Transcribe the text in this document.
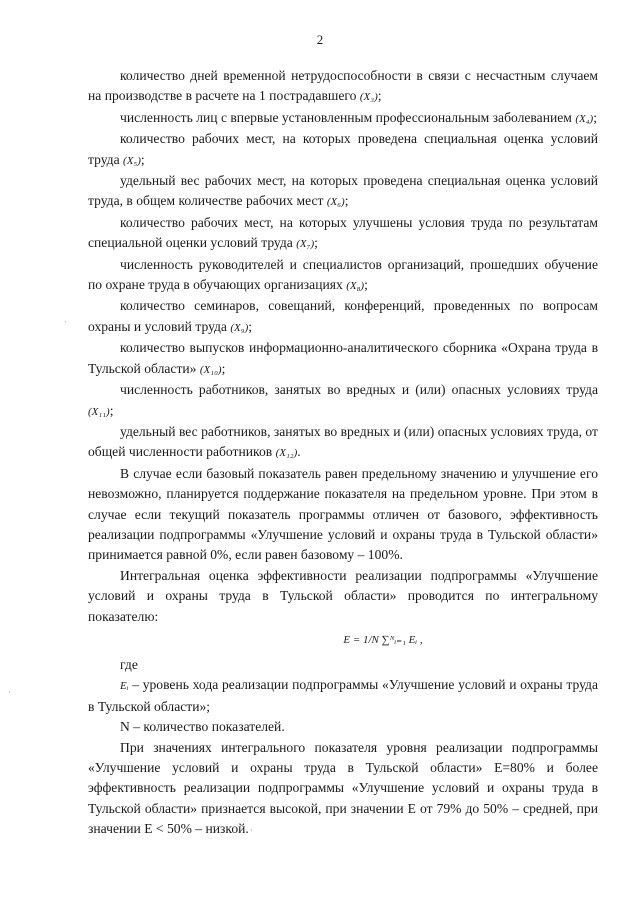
2

количество дней временной нетрудоспособности в связи с несчастным случаем на производстве в расчете на 1 пострадавшего (X₃);

численность лиц с впервые установленным профессиональным заболеванием (X₄);

количество рабочих мест, на которых проведена специальная оценка условий труда (X₅);

удельный вес рабочих мест, на которых проведена специальная оценка условий труда, в общем количестве рабочих мест (X₆);

количество рабочих мест, на которых улучшены условия труда по результатам специальной оценки условий труда (X₇);

численность руководителей и специалистов организаций, прошедших обучение по охране труда в обучающих организациях (X₈);

количество семинаров, совещаний, конференций, проведенных по вопросам охраны и условий труда (X₉);

количество выпусков информационно-аналитического сборника «Охрана труда в Тульской области» (X₁₀);

численность работников, занятых во вредных и (или) опасных условиях труда (X₁₁);

удельный вес работников, занятых во вредных и (или) опасных условиях труда, от общей численности работников (X₁₂).

В случае если базовый показатель равен предельному значению и улучшение его невозможно, планируется поддержание показателя на предельном уровне. При этом в случае если текущий показатель программы отличен от базового, эффективность реализации подпрограммы «Улучшение условий и охраны труда в Тульской области» принимается равной 0%, если равен базовому – 100%.

Интегральная оценка эффективности реализации подпрограммы «Улучшение условий и охраны труда в Тульской области» проводится по интегральному показателю:

E = 1/N ∑ᴺᵢ₌₁ Eᵢ ,

где

Eᵢ – уровень хода реализации подпрограммы «Улучшение условий и охраны труда в Тульской области»;

N – количество показателей.

При значениях интегрального показателя уровня реализации подпрограммы «Улучшение условий и охраны труда в Тульской области» E=80% и более эффективность реализации подпрограммы «Улучшение условий и охраны труда в Тульской области» признается высокой, при значении Е от 79% до 50% – средней, при значении Е < 50% – низкой.

·
·
·
